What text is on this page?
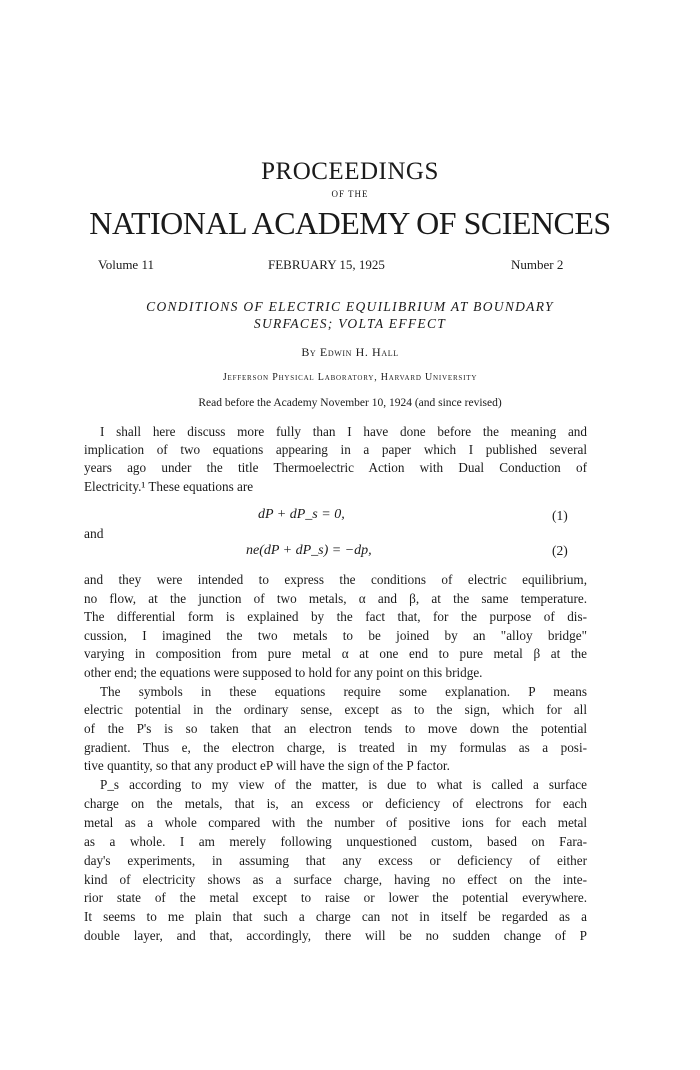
PROCEEDINGS
OF THE
NATIONAL ACADEMY OF SCIENCES
Volume 11	FEBRUARY 15, 1925	Number 2
CONDITIONS OF ELECTRIC EQUILIBRIUM AT BOUNDARY
SURFACES; VOLTA EFFECT
By Edwin H. Hall
Jefferson Physical Laboratory, Harvard University
Read before the Academy November 10, 1924 (and since revised)
I shall here discuss more fully than I have done before the meaning and
implication of two equations appearing in a paper which I published several
years ago under the title Thermoelectric Action with Dual Conduction of
Electricity.¹ These equations are
dP + dP_s = 0,	(1)
and
ne(dP + dP_s) = −dp,	(2)
and they were intended to express the conditions of electric equilibrium,
no flow, at the junction of two metals, α and β, at the same temperature.
The differential form is explained by the fact that, for the purpose of dis-
cussion, I imagined the two metals to be joined by an "alloy bridge"
varying in composition from pure metal α at one end to pure metal β at the
other end; the equations were supposed to hold for any point on this bridge.
The symbols in these equations require some explanation. P means
electric potential in the ordinary sense, except as to the sign, which for all
of the P's is so taken that an electron tends to move down the potential
gradient. Thus e, the electron charge, is treated in my formulas as a posi-
tive quantity, so that any product eP will have the sign of the P factor.
P_s according to my view of the matter, is due to what is called a surface
charge on the metals, that is, an excess or deficiency of electrons for each
metal as a whole compared with the number of positive ions for each metal
as a whole. I am merely following unquestioned custom, based on Fara-
day's experiments, in assuming that any excess or deficiency of either
kind of electricity shows as a surface charge, having no effect on the inte-
rior state of the metal except to raise or lower the potential everywhere.
It seems to me plain that such a charge can not in itself be regarded as a
double layer, and that, accordingly, there will be no sudden change of P
